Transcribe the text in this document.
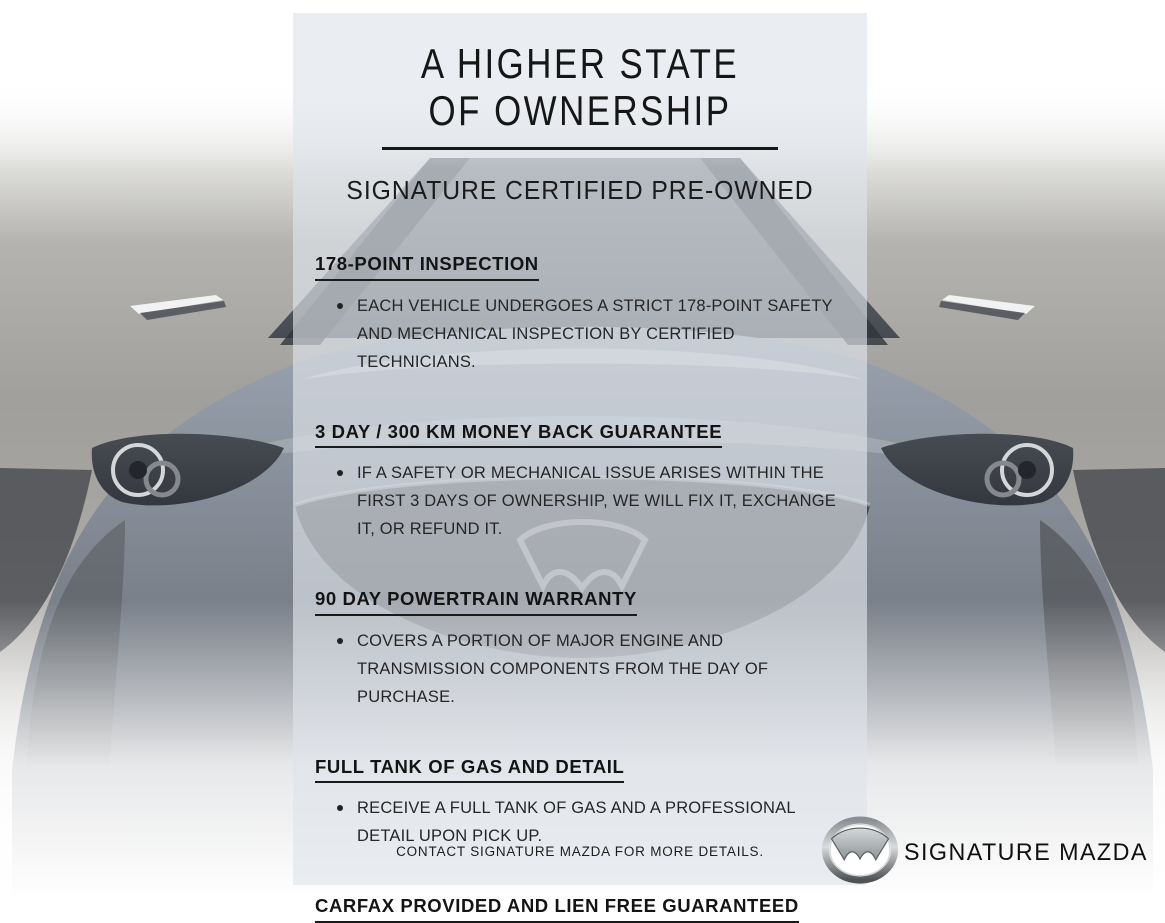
A HIGHER STATE
OF OWNERSHIP
SIGNATURE CERTIFIED PRE-OWNED
178-POINT INSPECTION
EACH VEHICLE UNDERGOES A STRICT 178-POINT SAFETY AND MECHANICAL INSPECTION BY CERTIFIED TECHNICIANS.
3 DAY / 300 KM MONEY BACK GUARANTEE
IF A SAFETY OR MECHANICAL ISSUE ARISES WITHIN THE FIRST 3 DAYS OF OWNERSHIP, WE WILL FIX IT, EXCHANGE IT, OR REFUND IT.
90 DAY POWERTRAIN WARRANTY
COVERS A PORTION OF MAJOR ENGINE AND TRANSMISSION COMPONENTS FROM THE DAY OF PURCHASE.
FULL TANK OF GAS AND DETAIL
RECEIVE A FULL TANK OF GAS AND A PROFESSIONAL DETAIL UPON PICK UP.
CARFAX PROVIDED AND LIEN FREE GUARANTEED
CONTACT SIGNATURE MAZDA FOR MORE DETAILS.	SIGNATURE MAZDA
